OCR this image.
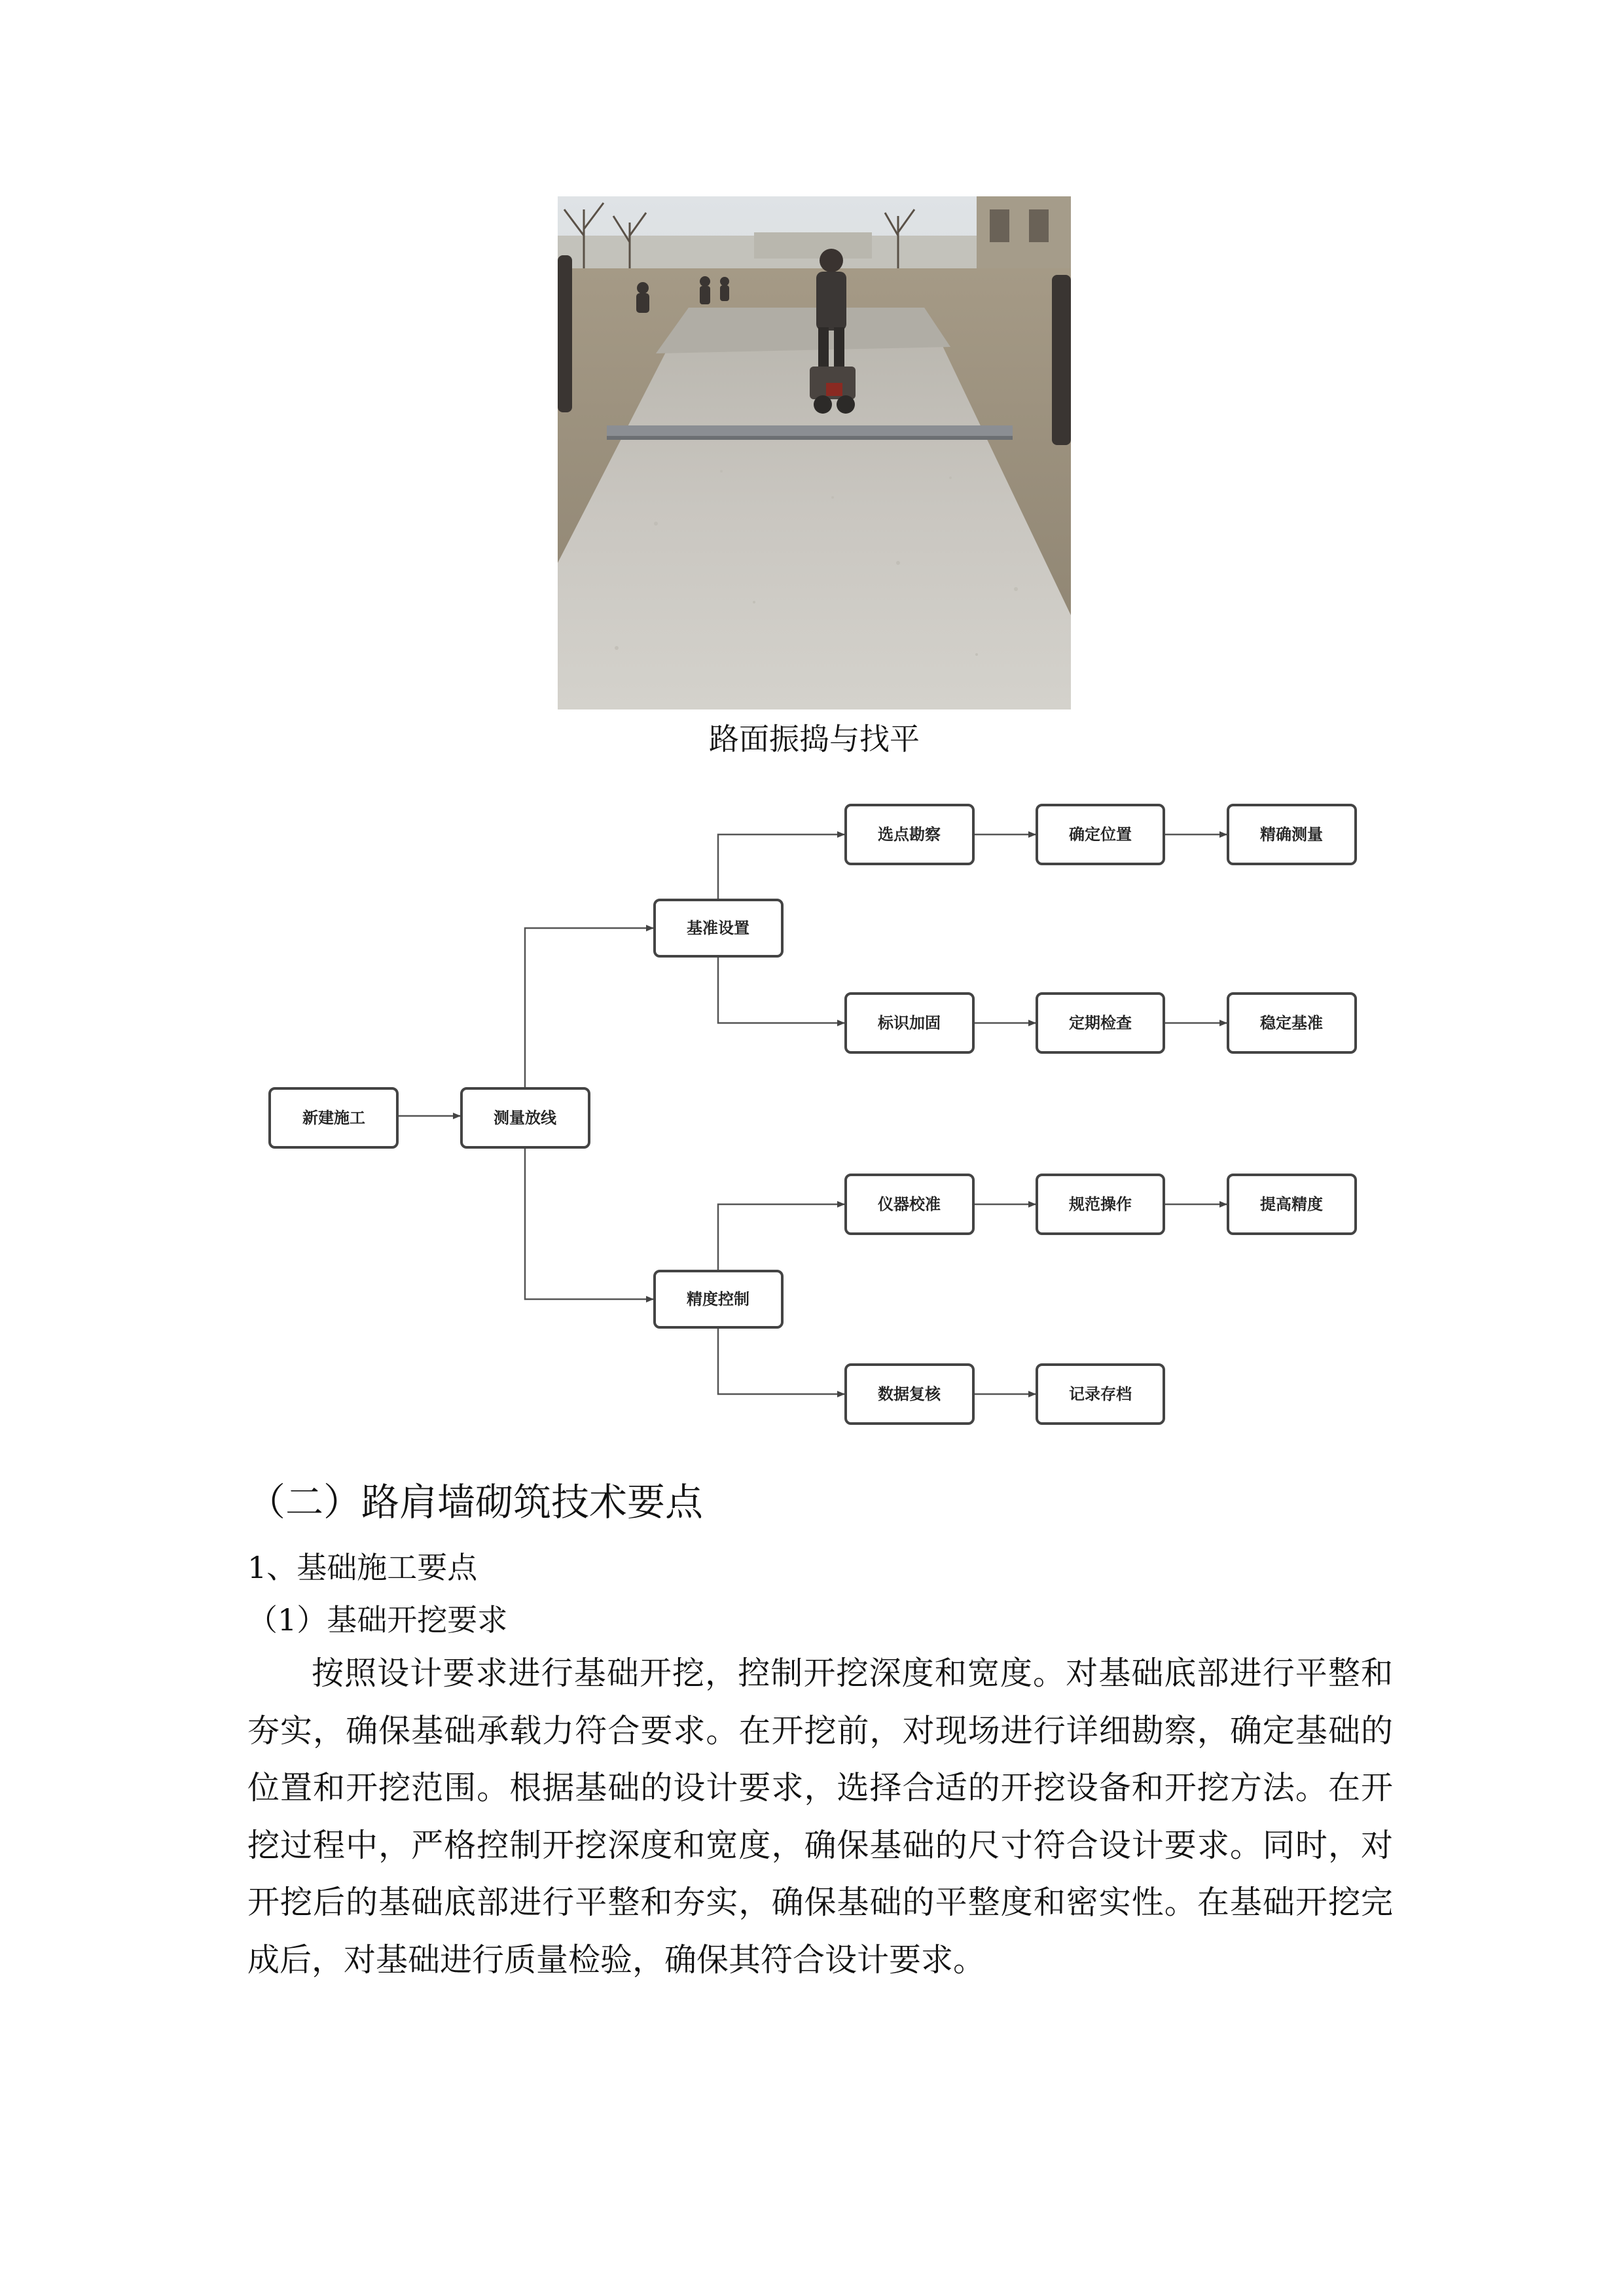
路面振捣与找平
新建施工	测量放线
基准设置
精度控制
选点勘察	确定位置	精确测量
标识加固	定期检查	稳定基准
仪器校准	规范操作	提高精度
数据复核	记录存档
（二）路肩墙砌筑技术要点
1、基础施工要点
（1）基础开挖要求

按照设计要求进行基础开挖，控制开挖深度和宽度。对基础底部进行平整和夯实，确保基础承载力符合要求。在开挖前，对现场进行详细勘察，确定基础的位置和开挖范围。根据基础的设计要求，选择合适的开挖设备和开挖方法。在开挖过程中，严格控制开挖深度和宽度，确保基础的尺寸符合设计要求。同时，对开挖后的基础底部进行平整和夯实，确保基础的平整度和密实性。在基础开挖完成后，对基础进行质量检验，确保其符合设计要求。
